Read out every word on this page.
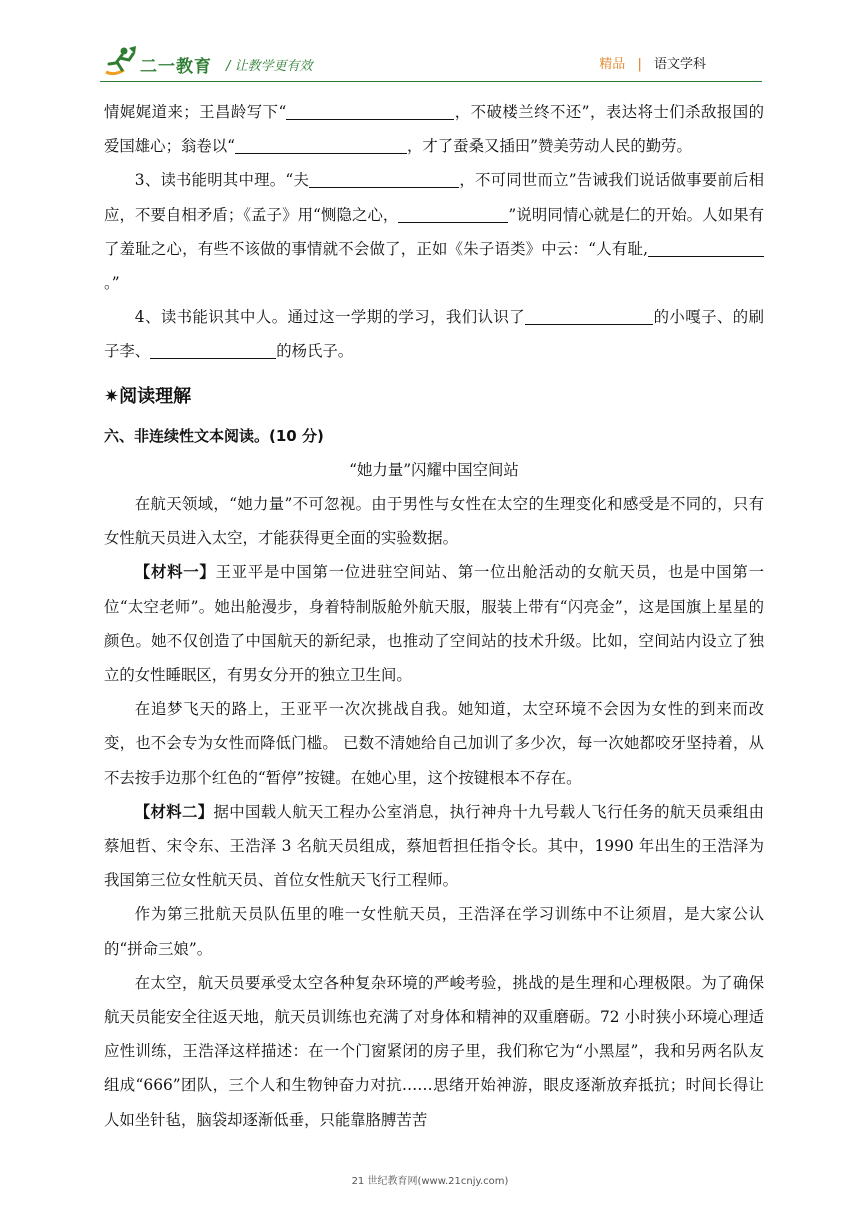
二一教育 / 让教学更有效	精品 | 语文学科

情娓娓道来；王昌龄写下“	，不破楼兰终不还”，表达将士们杀敌报国的爱国雄心；翁卷以“	，才了蚕桑又插田”赞美劳动人民的勤劳。

3、读书能明其中理。“夫	，不可同世而立”告诫我们说话做事要前后相应，不要自相矛盾；《孟子》用“恻隐之心，	”说明同情心就是仁的开始。人如果有了羞耻之心，有些不该做的事情就不会做了，正如《朱子语类》中云：“人有耻,。”

4、读书能识其中人。通过这一学期的学习，我们认识了	的小嘎子、的刷子李、	的杨氏子。

✷阅读理解

六、非连续性文本阅读。(10 分)

“她力量”闪耀中国空间站

在航天领域，“她力量”不可忽视。由于男性与女性在太空的生理变化和感受是不同的，只有女性航天员进入太空，才能获得更全面的实验数据。

【材料一】王亚平是中国第一位进驻空间站、第一位出舱活动的女航天员，也是中国第一位“太空老师”。她出舱漫步，身着特制版舱外航天服，服装上带有“闪亮金”，这是国旗上星星的颜色。她不仅创造了中国航天的新纪录，也推动了空间站的技术升级。比如，空间站内设立了独立的女性睡眠区，有男女分开的独立卫生间。

在追梦飞天的路上，王亚平一次次挑战自我。她知道，太空环境不会因为女性的到来而改变，也不会专为女性而降低门槛。 已数不清她给自己加训了多少次，每一次她都咬牙坚持着，从不去按手边那个红色的“暂停”按键。在她心里，这个按键根本不存在。

【材料二】据中国载人航天工程办公室消息，执行神舟十九号载人飞行任务的航天员乘组由蔡旭哲、宋令东、王浩泽 3 名航天员组成，蔡旭哲担任指令长。其中，1990 年出生的王浩泽为我国第三位女性航天员、首位女性航天飞行工程师。

作为第三批航天员队伍里的唯一女性航天员，王浩泽在学习训练中不让须眉，是大家公认的“拼命三娘”。

在太空，航天员要承受太空各种复杂环境的严峻考验，挑战的是生理和心理极限。为了确保航天员能安全往返天地，航天员训练也充满了对身体和精神的双重磨砺。72 小时狭小环境心理适应性训练，王浩泽这样描述：在一个门窗紧闭的房子里，我们称它为“小黑屋”，我和另两名队友组成“666”团队，三个人和生物钟奋力对抗……思绪开始神游，眼皮逐渐放弃抵抗；时间长得让人如坐针毡，脑袋却逐渐低垂，只能靠胳膊苦苦

21 世纪教育网(www.21cnjy.com)
